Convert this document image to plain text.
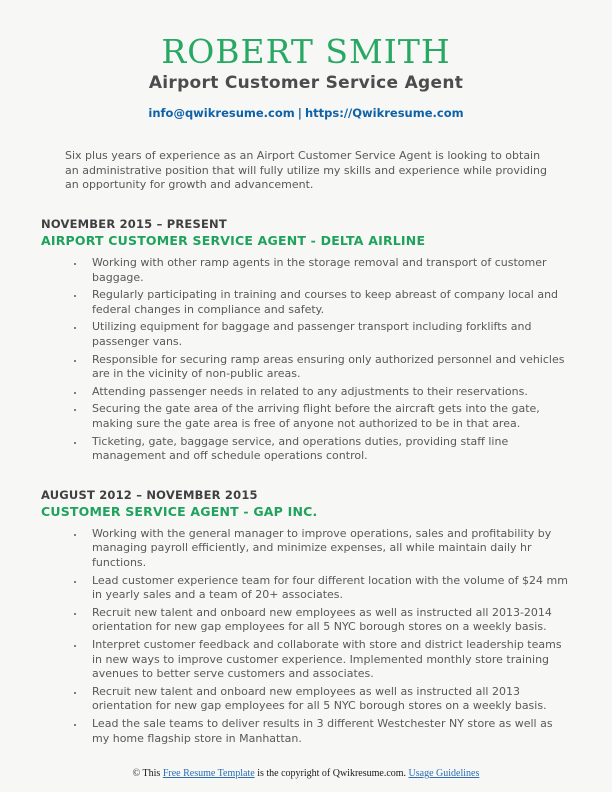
ROBERT SMITH
Airport Customer Service Agent
info@qwikresume.com | https://Qwikresume.com
Six plus years of experience as an Airport Customer Service Agent is looking to obtain an administrative position that will fully utilize my skills and experience while providing an opportunity for growth and advancement.
NOVEMBER 2015 – PRESENT
AIRPORT CUSTOMER SERVICE AGENT - DELTA AIRLINE
• Working with other ramp agents in the storage removal and transport of customer baggage.
• Regularly participating in training and courses to keep abreast of company local and federal changes in compliance and safety.
• Utilizing equipment for baggage and passenger transport including forklifts and passenger vans.
• Responsible for securing ramp areas ensuring only authorized personnel and vehicles are in the vicinity of non-public areas.
• Attending passenger needs in related to any adjustments to their reservations.
• Securing the gate area of the arriving flight before the aircraft gets into the gate, making sure the gate area is free of anyone not authorized to be in that area.
• Ticketing, gate, baggage service, and operations duties, providing staff line management and off schedule operations control.
AUGUST 2012 – NOVEMBER 2015
CUSTOMER SERVICE AGENT - GAP INC.
• Working with the general manager to improve operations, sales and profitability by managing payroll efficiently, and minimize expenses, all while maintain daily hr functions.
• Lead customer experience team for four different location with the volume of $24 mm in yearly sales and a team of 20+ associates.
• Recruit new talent and onboard new employees as well as instructed all 2013-2014 orientation for new gap employees for all 5 NYC borough stores on a weekly basis.
• Interpret customer feedback and collaborate with store and district leadership teams in new ways to improve customer experience. Implemented monthly store training avenues to better serve customers and associates.
• Recruit new talent and onboard new employees as well as instructed all 2013 orientation for new gap employees for all 5 NYC borough stores on a weekly basis.
• Lead the sale teams to deliver results in 3 different Westchester NY store as well as my home flagship store in Manhattan.
© This Free Resume Template is the copyright of Qwikresume.com. Usage Guidelines
